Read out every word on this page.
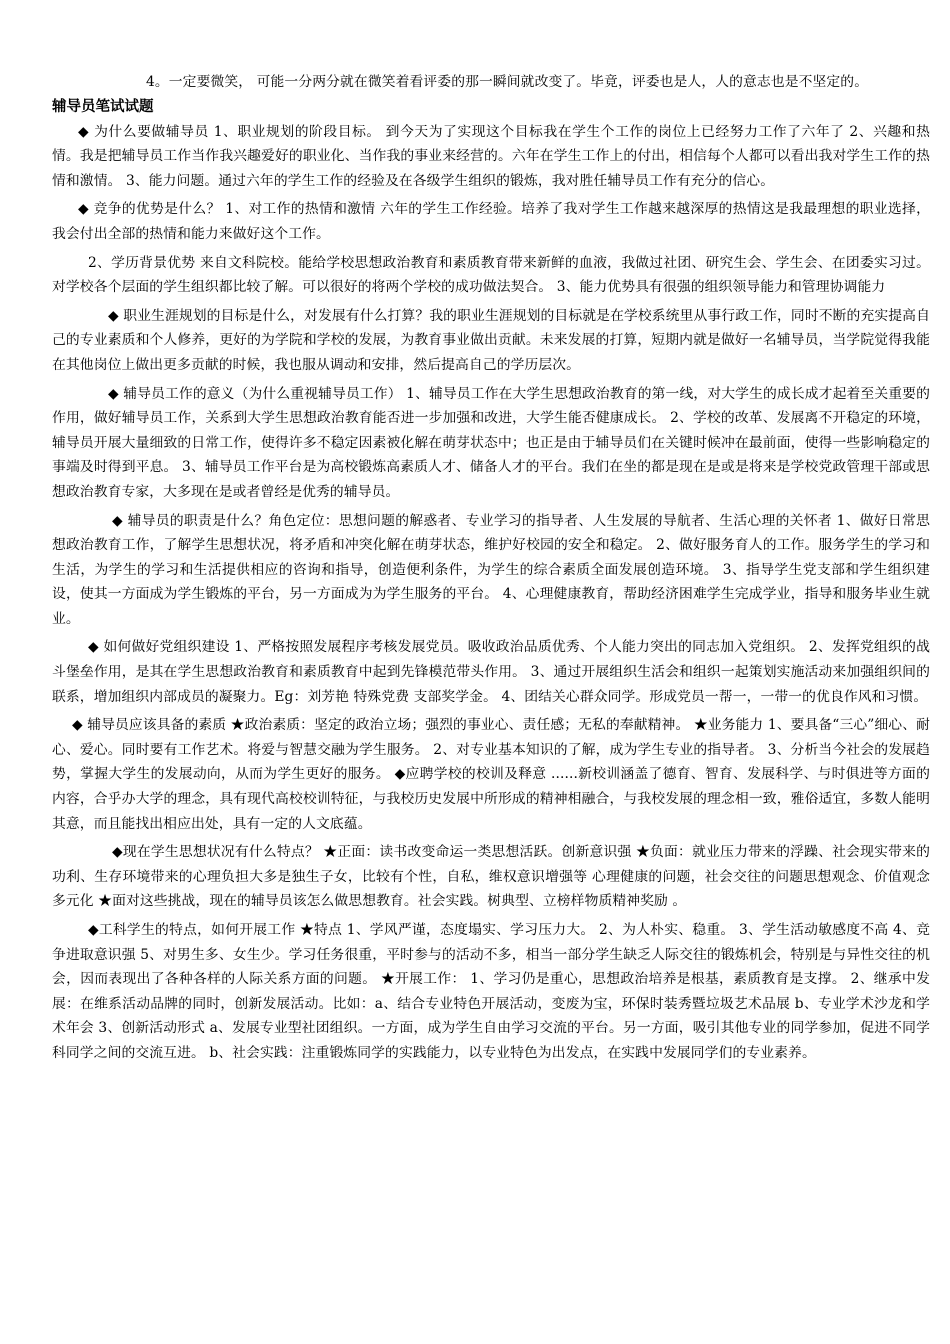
4。一定要微笑， 可能一分两分就在微笑着看评委的那一瞬间就改变了。毕竟，评委也是人，人的意志也是不坚定的。

辅导员笔试试题

◆ 为什么要做辅导员 1、职业规划的阶段目标。 到今天为了实现这个目标我在学生个工作的岗位上已经努力工作了六年了 2、兴趣和热情。我是把辅导员工作当作我兴趣爱好的职业化、当作我的事业来经营的。六年在学生工作上的付出，相信每个人都可以看出我对学生工作的热情和激情。 3、能力问题。通过六年的学生工作的经验及在各级学生组织的锻炼，我对胜任辅导员工作有充分的信心。

◆ 竞争的优势是什么？ 1、对工作的热情和激情 六年的学生工作经验。培养了我对学生工作越来越深厚的热情这是我最理想的职业选择，我会付出全部的热情和能力来做好这个工作。

2、学历背景优势 来自文科院校。能给学校思想政治教育和素质教育带来新鲜的血液，我做过社团、研究生会、学生会、在团委实习过。对学校各个层面的学生组织都比较了解。可以很好的将两个学校的成功做法契合。 3、能力优势具有很强的组织领导能力和管理协调能力

◆ 职业生涯规划的目标是什么，对发展有什么打算？我的职业生涯规划的目标就是在学校系统里从事行政工作，同时不断的充实提高自己的专业素质和个人修养，更好的为学院和学校的发展，为教育事业做出贡献。未来发展的打算，短期内就是做好一名辅导员，当学院觉得我能在其他岗位上做出更多贡献的时候，我也服从调动和安排，然后提高自己的学历层次。

◆ 辅导员工作的意义（为什么重视辅导员工作） 1、辅导员工作在大学生思想政治教育的第一线，对大学生的成长成才起着至关重要的作用，做好辅导员工作，关系到大学生思想政治教育能否进一步加强和改进，大学生能否健康成长。 2、学校的改革、发展离不开稳定的环境，辅导员开展大量细致的日常工作，使得许多不稳定因素被化解在萌芽状态中；也正是由于辅导员们在关键时候冲在最前面，使得一些影响稳定的事端及时得到平息。 3、辅导员工作平台是为高校锻炼高素质人才、储备人才的平台。我们在坐的都是现在是或是将来是学校党政管理干部或思想政治教育专家，大多现在是或者曾经是优秀的辅导员。

◆ 辅导员的职责是什么？角色定位：思想问题的解惑者、专业学习的指导者、人生发展的导航者、生活心理的关怀者 1、做好日常思想政治教育工作，了解学生思想状况，将矛盾和冲突化解在萌芽状态，维护好校园的安全和稳定。 2、做好服务育人的工作。服务学生的学习和生活，为学生的学习和生活提供相应的咨询和指导，创造便利条件，为学生的综合素质全面发展创造环境。 3、指导学生党支部和学生组织建设，使其一方面成为学生锻炼的平台，另一方面成为为学生服务的平台。 4、心理健康教育，帮助经济困难学生完成学业，指导和服务毕业生就业。

◆ 如何做好党组织建设 1、严格按照发展程序考核发展党员。吸收政治品质优秀、个人能力突出的同志加入党组织。 2、发挥党组织的战斗堡垒作用，是其在学生思想政治教育和素质教育中起到先锋模范带头作用。 3、通过开展组织生活会和组织一起策划实施活动来加强组织间的联系，增加组织内部成员的凝聚力。Eg：刘芳艳 特殊党费 支部奖学金。 4、团结关心群众同学。形成党员一帮一，一带一的优良作风和习惯。

◆ 辅导员应该具备的素质 ★政治素质：坚定的政治立场；强烈的事业心、责任感；无私的奉献精神。 ★业务能力 1、要具备“三心”细心、耐心、爱心。同时要有工作艺术。将爱与智慧交融为学生服务。 2、对专业基本知识的了解，成为学生专业的指导者。 3、分析当今社会的发展趋势，掌握大学生的发展动向，从而为学生更好的服务。 ◆应聘学校的校训及释意 ......新校训涵盖了德育、智育、发展科学、与时俱进等方面的内容，合乎办大学的理念，具有现代高校校训特征，与我校历史发展中所形成的精神相融合，与我校发展的理念相一致，雅俗适宜，多数人能明其意，而且能找出相应出处，具有一定的人文底蕴。

◆现在学生思想状况有什么特点？ ★正面：读书改变命运一类思想活跃。创新意识强 ★负面：就业压力带来的浮躁、社会现实带来的功利、生存环境带来的心理负担大多是独生子女，比较有个性，自私，维权意识增强等 心理健康的问题，社会交往的问题思想观念、价值观念多元化 ★面对这些挑战，现在的辅导员该怎么做思想教育。社会实践。树典型、立榜样物质精神奖励 。

◆工科学生的特点，如何开展工作 ★特点 1、学风严谨，态度塌实、学习压力大。 2、为人朴实、稳重。 3、学生活动敏感度不高 4、竞争进取意识强 5、对男生多、女生少。学习任务很重，平时参与的活动不多，相当一部分学生缺乏人际交往的锻炼机会，特别是与异性交往的机会，因而表现出了各种各样的人际关系方面的问题。 ★开展工作： 1、学习仍是重心，思想政治培养是根基，素质教育是支撑。 2、继承中发展：在维系活动品牌的同时，创新发展活动。比如：a、结合专业特色开展活动，变废为宝，环保时装秀暨垃圾艺术品展 b、专业学术沙龙和学术年会 3、创新活动形式 a、发展专业型社团组织。一方面，成为学生自由学习交流的平台。另一方面，吸引其他专业的同学参加，促进不同学科同学之间的交流互进。 b、社会实践：注重锻炼同学的实践能力，以专业特色为出发点，在实践中发展同学们的专业素养。
